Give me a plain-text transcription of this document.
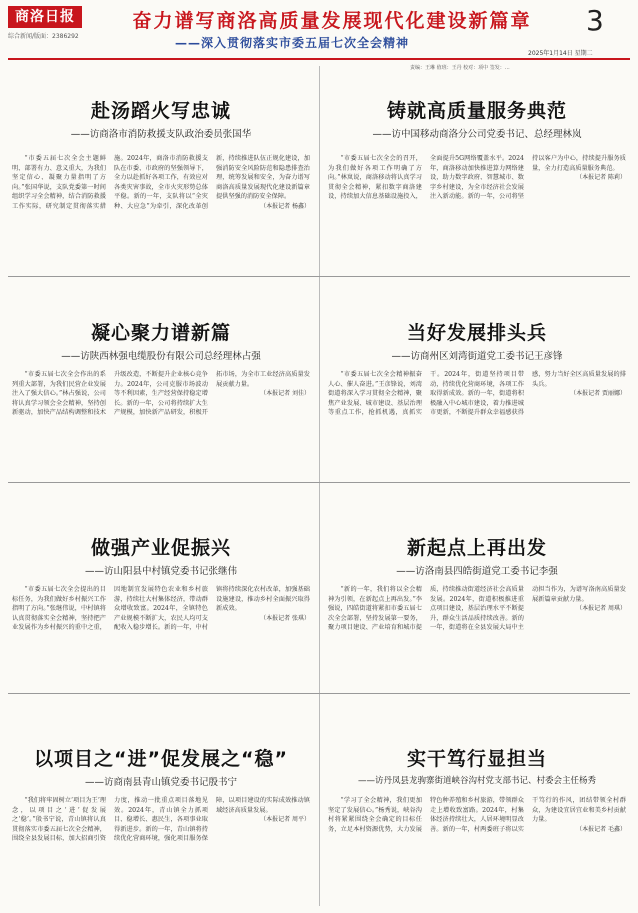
商洛日报
综合新闻/版面：2386292
奋力谱写商洛高质量发展现代化建设新篇章
——深入贯彻落实市委五届七次全会精神
3
2025年1月14日 星期二
责编：王琳 值班：王丹 校对：项中 签发：…
赴汤蹈火写忠诚
——访商洛市消防救援支队政治委员张国华

“市委五届七次全会主题鲜明、部署有力、意义重大，为我们坚定信心、凝聚力量指明了方向。”张国华说，支队党委第一时间组织学习全会精神，结合消防救援工作实际，研究制定贯彻落实措施。2024年，商洛市消防救援支队在市委、市政府的坚强领导下，全力以赴抓好各项工作，有效应对各类灾害事故，全市火灾形势总体平稳。新的一年，支队将以“全灾种、大应急”为牵引，深化改革创新，持续推进队伍正规化建设，加强消防安全风险防范和隐患排查治理，统筹发展和安全，为奋力谱写商洛高质量发展现代化建设新篇章提供坚强的消防安全保障。

（本报记者 杨鑫）
铸就高质量服务典范
——访中国移动商洛分公司党委书记、总经理林岚

“市委五届七次全会的召开，为我们做好各项工作明确了方向。”林岚说，商洛移动将认真学习贯彻全会精神，紧扣数字商洛建设，持续加大信息基础设施投入，全面提升5G网络覆盖水平。2024年，商洛移动加快推进算力网络建设，助力数字政府、智慧城市、数字乡村建设，为全市经济社会发展注入新动能。新的一年，公司将坚持以客户为中心，持续提升服务质量，全力打造高质量服务典范。

（本报记者 陈莉）
凝心聚力谱新篇
——访陕西林强电缆股份有限公司总经理林占强

“市委五届七次全会作出的系列重大部署，为我们民营企业发展注入了强大信心。”林占强说，公司将认真学习领会全会精神，坚持创新驱动，加快产品结构调整和技术升级改造，不断提升企业核心竞争力。2024年，公司克服市场波动等不利因素，生产经营保持稳定增长。新的一年，公司将持续扩大生产规模，加快新产品研发，积极开拓市场，为全市工业经济高质量发展贡献力量。

（本报记者 刘佳）
当好发展排头兵
——访商州区刘湾街道党工委书记王彦锋

“市委五届七次全会精神振奋人心、催人奋进。”王彦锋说，刘湾街道将深入学习贯彻全会精神，聚焦产业发展、城市建设、基层治理等重点工作，抢抓机遇，真抓实干。2024年，街道坚持项目带动，持续优化营商环境，各项工作取得新成效。新的一年，街道将积极融入中心城市建设，着力推进城市更新，不断提升群众幸福感获得感，努力当好全区高质量发展的排头兵。

（本报记者 贾丽娜）
做强产业促振兴
——访山阳县中村镇党委书记张继伟

“市委五届七次全会提出的目标任务，为我们做好乡村振兴工作指明了方向。”张继伟说，中村镇将认真贯彻落实全会精神，坚持把产业发展作为乡村振兴的重中之重，因地制宜发展特色农业和乡村旅游，持续壮大村集体经济，带动群众增收致富。2024年，全镇特色产业规模不断扩大，农民人均可支配收入稳步增长。新的一年，中村镇将持续深化农村改革，加强基础设施建设，推动乡村全面振兴取得新成效。

（本报记者 张琪）
新起点上再出发
——访洛南县四皓街道党工委书记李强

“新的一年，我们将以全会精神为引领，在新起点上再出发。”李强说，四皓街道将紧扣市委五届七次全会部署，坚持发展第一要务，聚力项目建设、产业培育和城市提质，持续推动街道经济社会高质量发展。2024年，街道积极推进重点项目建设，基层治理水平不断提升，群众生活品质持续改善。新的一年，街道将在全县发展大局中主动担当作为，为谱写洛南高质量发展新篇章贡献力量。

（本报记者 周琪）
以项目之“进”促发展之“稳”
——访商南县青山镇党委书记殷书宁

“我们将牢固树立‘项目为王’理念，以项目之‘进’促发展之‘稳’。”殷书宁说，青山镇将认真贯彻落实市委五届七次全会精神，围绕全县发展目标，加大招商引资力度，推动一批重点项目落地见效。2024年，青山镇全力抓项目、稳增长、惠民生，各项事业取得新进步。新的一年，青山镇将持续优化营商环境，强化项目服务保障，以项目建设的实际成效推动镇域经济高质量发展。

（本报记者 周平）
实干笃行显担当
——访丹凤县龙驹寨街道峡谷沟村党支部书记、村委会主任杨秀

“学习了全会精神，我们更加坚定了发展信心。”杨秀说，峡谷沟村将紧紧围绕全会确定的目标任务，立足本村资源优势，大力发展特色种养殖和乡村旅游，带领群众走上增收致富路。2024年，村集体经济持续壮大，人居环境明显改善。新的一年，村两委班子将以实干笃行的作风，团结带领全村群众，为建设宜居宜业和美乡村贡献力量。

（本报记者 毛鑫）
